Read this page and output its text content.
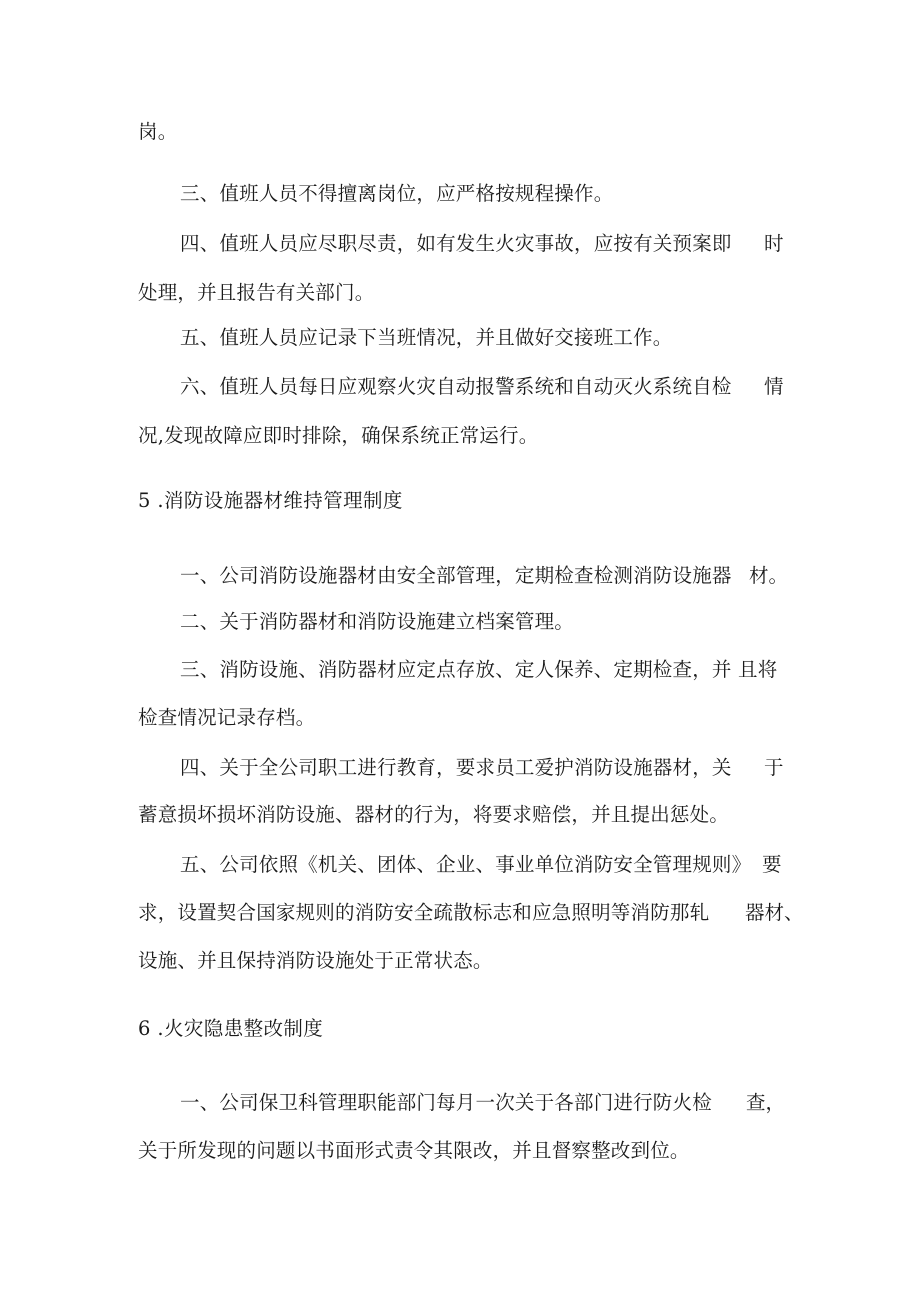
岗。
三、值班人员不得擅离岗位，应严格按规程操作。
四、值班人员应尽职尽责，如有发生火灾事故，应按有关预案即 时
处理，并且报告有关部门。
五、值班人员应记录下当班情况，并且做好交接班工作。
六、值班人员每日应观察火灾自动报警系统和自动灭火系统自检 情
况,发现故障应即时排除，确保系统正常运行。
5 .消防设施器材维持管理制度
一、公司消防设施器材由安全部管理，定期检查检测消防设施器 材。
二、关于消防器材和消防设施建立档案管理。
三、消防设施、消防器材应定点存放、定人保养、定期检查，并 且将
检查情况记录存档。
四、关于全公司职工进行教育，要求员工爱护消防设施器材，关 于
蓄意损坏损坏消防设施、器材的行为，将要求赔偿，并且提出惩处。
五、公司依照《机关、团体、企业、事业单位消防安全管理规则》 要
求，设置契合国家规则的消防安全疏散标志和应急照明等消防那轧 器材、
设施、并且保持消防设施处于正常状态。
6 .火灾隐患整改制度
一、公司保卫科管理职能部门每月一次关于各部门进行防火检 查，
关于所发现的问题以书面形式责令其限改，并且督察整改到位。
